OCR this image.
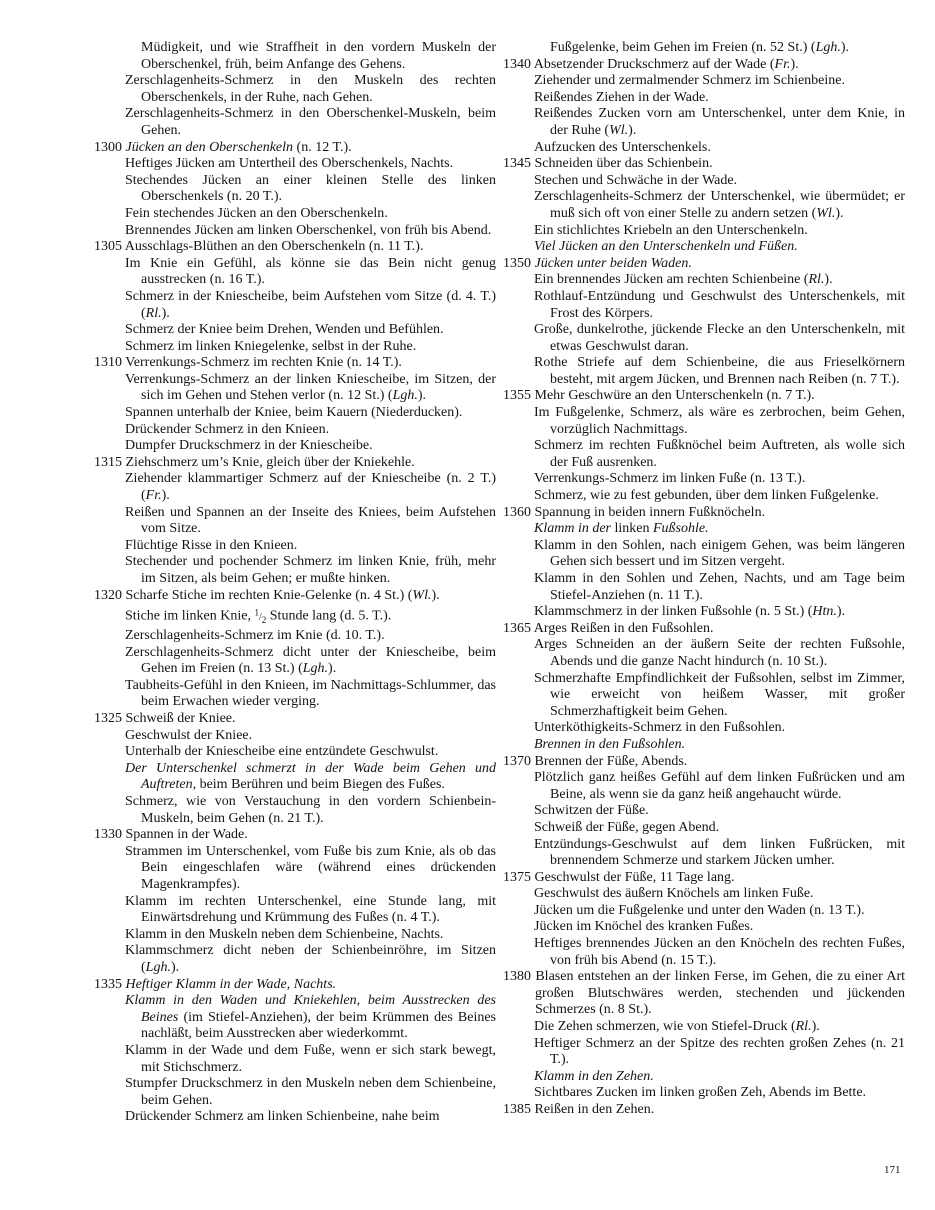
Müdigkeit, und wie Straffheit in den vordern Muskeln der Oberschenkel, früh, beim Anfange des Gehens.
Zerschlagenheits-Schmerz in den Muskeln des rechten Oberschenkels, in der Ruhe, nach Gehen.
Zerschlagenheits-Schmerz in den Oberschenkel-Muskeln, beim Gehen.
1300 Jücken an den Oberschenkeln (n. 12 T.).
Heftiges Jücken am Untertheil des Oberschenkels, Nachts.
Stechendes Jücken an einer kleinen Stelle des linken Oberschenkels (n. 20 T.).
Fein stechendes Jücken an den Oberschenkeln.
Brennendes Jücken am linken Oberschenkel, von früh bis Abend.
1305 Ausschlags-Blüthen an den Oberschenkeln (n. 11 T.).
Im Knie ein Gefühl, als könne sie das Bein nicht genug ausstrecken (n. 16 T.).
Schmerz in der Kniescheibe, beim Aufstehen vom Sitze (d. 4. T.) (Rl.).
Schmerz der Kniee beim Drehen, Wenden und Befühlen.
Schmerz im linken Kniegelenke, selbst in der Ruhe.
1310 Verrenkungs-Schmerz im rechten Knie (n. 14 T.).
Verrenkungs-Schmerz an der linken Kniescheibe, im Sitzen, der sich im Gehen und Stehen verlor (n. 12 St.) (Lgh.).
Spannen unterhalb der Kniee, beim Kauern (Niederducken).
Drückender Schmerz in den Knieen.
Dumpfer Druckschmerz in der Kniescheibe.
1315 Ziehschmerz um’s Knie, gleich über der Kniekehle.
Ziehender klammartiger Schmerz auf der Kniescheibe (n. 2 T.) (Fr.).
Reißen und Spannen an der Inseite des Kniees, beim Aufstehen vom Sitze.
Flüchtige Risse in den Knieen.
Stechender und pochender Schmerz im linken Knie, früh, mehr im Sitzen, als beim Gehen; er mußte hinken.
1320 Scharfe Stiche im rechten Knie-Gelenke (n. 4 St.) (Wl.).
Stiche im linken Knie, $^1/_2$ Stunde lang (d. 5. T.).
Zerschlagenheits-Schmerz im Knie (d. 10. T.).
Zerschlagenheits-Schmerz dicht unter der Kniescheibe, beim Gehen im Freien (n. 13 St.) (Lgh.).
Taubheits-Gefühl in den Knieen, im Nachmittags-Schlummer, das beim Erwachen wieder verging.
1325 Schweiß der Kniee.
Geschwulst der Kniee.
Unterhalb der Kniescheibe eine entzündete Geschwulst.
Der Unterschenkel schmerzt in der Wade beim Gehen und Auftreten, beim Berühren und beim Biegen des Fußes.
Schmerz, wie von Verstauchung in den vordern Schienbein-Muskeln, beim Gehen (n. 21 T.).
1330 Spannen in der Wade.
Strammen im Unterschenkel, vom Fuße bis zum Knie, als ob das Bein eingeschlafen wäre (während eines drückenden Magenkrampfes).
Klamm im rechten Unterschenkel, eine Stunde lang, mit Einwärtsdrehung und Krümmung des Fußes (n. 4 T.).
Klamm in den Muskeln neben dem Schienbeine, Nachts.
Klammschmerz dicht neben der Schienbeinröhre, im Sitzen (Lgh.).
1335 Heftiger Klamm in der Wade, Nachts.
Klamm in den Waden und Kniekehlen, beim Ausstrecken des Beines (im Stiefel-Anziehen), der beim Krümmen des Beines nachläßt, beim Ausstrecken aber wiederkommt.
Klamm in der Wade und dem Fuße, wenn er sich stark bewegt, mit Stichschmerz.
Stumpfer Druckschmerz in den Muskeln neben dem Schienbeine, beim Gehen.
Drückender Schmerz am linken Schienbeine, nahe beim
Fußgelenke, beim Gehen im Freien (n. 52 St.) (Lgh.).
1340 Absetzender Druckschmerz auf der Wade (Fr.).
Ziehender und zermalmender Schmerz im Schienbeine.
Reißendes Ziehen in der Wade.
Reißendes Zucken vorn am Unterschenkel, unter dem Knie, in der Ruhe (Wl.).
Aufzucken des Unterschenkels.
1345 Schneiden über das Schienbein.
Stechen und Schwäche in der Wade.
Zerschlagenheits-Schmerz der Unterschenkel, wie übermüdet; er muß sich oft von einer Stelle zu andern setzen (Wl.).
Ein stichlichtes Kriebeln an den Unterschenkeln.
Viel Jücken an den Unterschenkeln und Füßen.
1350 Jücken unter beiden Waden.
Ein brennendes Jücken am rechten Schienbeine (Rl.).
Rothlauf-Entzündung und Geschwulst des Unterschenkels, mit Frost des Körpers.
Große, dunkelrothe, jückende Flecke an den Unterschenkeln, mit etwas Geschwulst daran.
Rothe Striefe auf dem Schienbeine, die aus Frieselkörnern besteht, mit argem Jücken, und Brennen nach Reiben (n. 7 T.).
1355 Mehr Geschwüre an den Unterschenkeln (n. 7 T.).
Im Fußgelenke, Schmerz, als wäre es zerbrochen, beim Gehen, vorzüglich Nachmittags.
Schmerz im rechten Fußknöchel beim Auftreten, als wolle sich der Fuß ausrenken.
Verrenkungs-Schmerz im linken Fuße (n. 13 T.).
Schmerz, wie zu fest gebunden, über dem linken Fußgelenke.
1360 Spannung in beiden innern Fußknöcheln.
Klamm in der linken Fußsohle.
Klamm in den Sohlen, nach einigem Gehen, was beim längeren Gehen sich bessert und im Sitzen vergeht.
Klamm in den Sohlen und Zehen, Nachts, und am Tage beim Stiefel-Anziehen (n. 11 T.).
Klammschmerz in der linken Fußsohle (n. 5 St.) (Htn.).
1365 Arges Reißen in den Fußsohlen.
Arges Schneiden an der äußern Seite der rechten Fußsohle, Abends und die ganze Nacht hindurch (n. 10 St.).
Schmerzhafte Empfindlichkeit der Fußsohlen, selbst im Zimmer, wie erweicht von heißem Wasser, mit großer Schmerzhaftigkeit beim Gehen.
Unterköthigkeits-Schmerz in den Fußsohlen.
Brennen in den Fußsohlen.
1370 Brennen der Füße, Abends.
Plötzlich ganz heißes Gefühl auf dem linken Fußrücken und am Beine, als wenn sie da ganz heiß angehaucht würde.
Schwitzen der Füße.
Schweiß der Füße, gegen Abend.
Entzündungs-Geschwulst auf dem linken Fußrücken, mit brennendem Schmerze und starkem Jücken umher.
1375 Geschwulst der Füße, 11 Tage lang.
Geschwulst des äußern Knöchels am linken Fuße.
Jücken um die Fußgelenke und unter den Waden (n. 13 T.).
Jücken im Knöchel des kranken Fußes.
Heftiges brennendes Jücken an den Knöcheln des rechten Fußes, von früh bis Abend (n. 15 T.).
1380 Blasen entstehen an der linken Ferse, im Gehen, die zu einer Art großen Blutschwäres werden, stechenden und jückenden Schmerzes (n. 8 St.).
Die Zehen schmerzen, wie von Stiefel-Druck (Rl.).
Heftiger Schmerz an der Spitze des rechten großen Zehes (n. 21 T.).
Klamm in den Zehen.
Sichtbares Zucken im linken großen Zeh, Abends im Bette.
1385 Reißen in den Zehen.
171
